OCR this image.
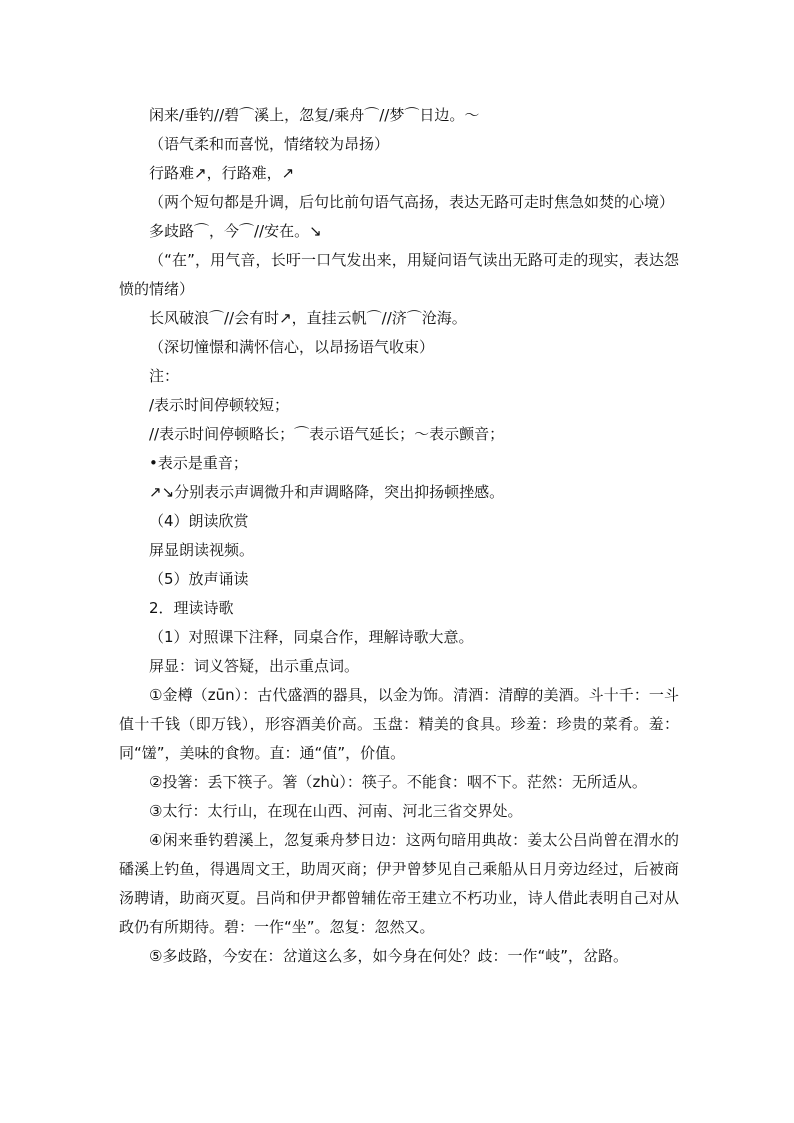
闲来/垂钓//碧⌒溪上，忽复/乘舟⌒//梦⌒日边。～
（语气柔和而喜悦，情绪较为昂扬）
行路难↗，行路难，↗
（两个短句都是升调，后句比前句语气高扬，表达无路可走时焦急如焚的心境）
多歧路⌒，今⌒//安在。↘
（“在”，用气音，长吁一口气发出来，用疑问语气读出无路可走的现实，表达怨愤的情绪）
长风破浪⌒//会有时↗，直挂云帆⌒//济⌒沧海。
（深切憧憬和满怀信心，以昂扬语气收束）
注：
/表示时间停顿较短；
//表示时间停顿略长；⌒表示语气延长；～表示颤音；
•表示是重音；
↗↘分别表示声调微升和声调略降，突出抑扬顿挫感。
（4）朗读欣赏
屏显朗读视频。
（5）放声诵读
2．理读诗歌
（1）对照课下注释，同桌合作，理解诗歌大意。
屏显：词义答疑，出示重点词。
①金樽（zūn）：古代盛酒的器具，以金为饰。清酒：清醇的美酒。斗十千：一斗值十千钱（即万钱），形容酒美价高。玉盘：精美的食具。珍羞：珍贵的菜肴。羞：同“馐”，美味的食物。直：通“值”，价值。
②投箸：丢下筷子。箸（zhù）：筷子。不能食：咽不下。茫然：无所适从。
③太行：太行山，在现在山西、河南、河北三省交界处。
④闲来垂钓碧溪上，忽复乘舟梦日边：这两句暗用典故：姜太公吕尚曾在渭水的磻溪上钓鱼，得遇周文王，助周灭商；伊尹曾梦见自己乘船从日月旁边经过，后被商汤聘请，助商灭夏。吕尚和伊尹都曾辅佐帝王建立不朽功业，诗人借此表明自己对从政仍有所期待。碧：一作“坐”。忽复：忽然又。
⑤多歧路，今安在：岔道这么多，如今身在何处？歧：一作“岐”，岔路。
